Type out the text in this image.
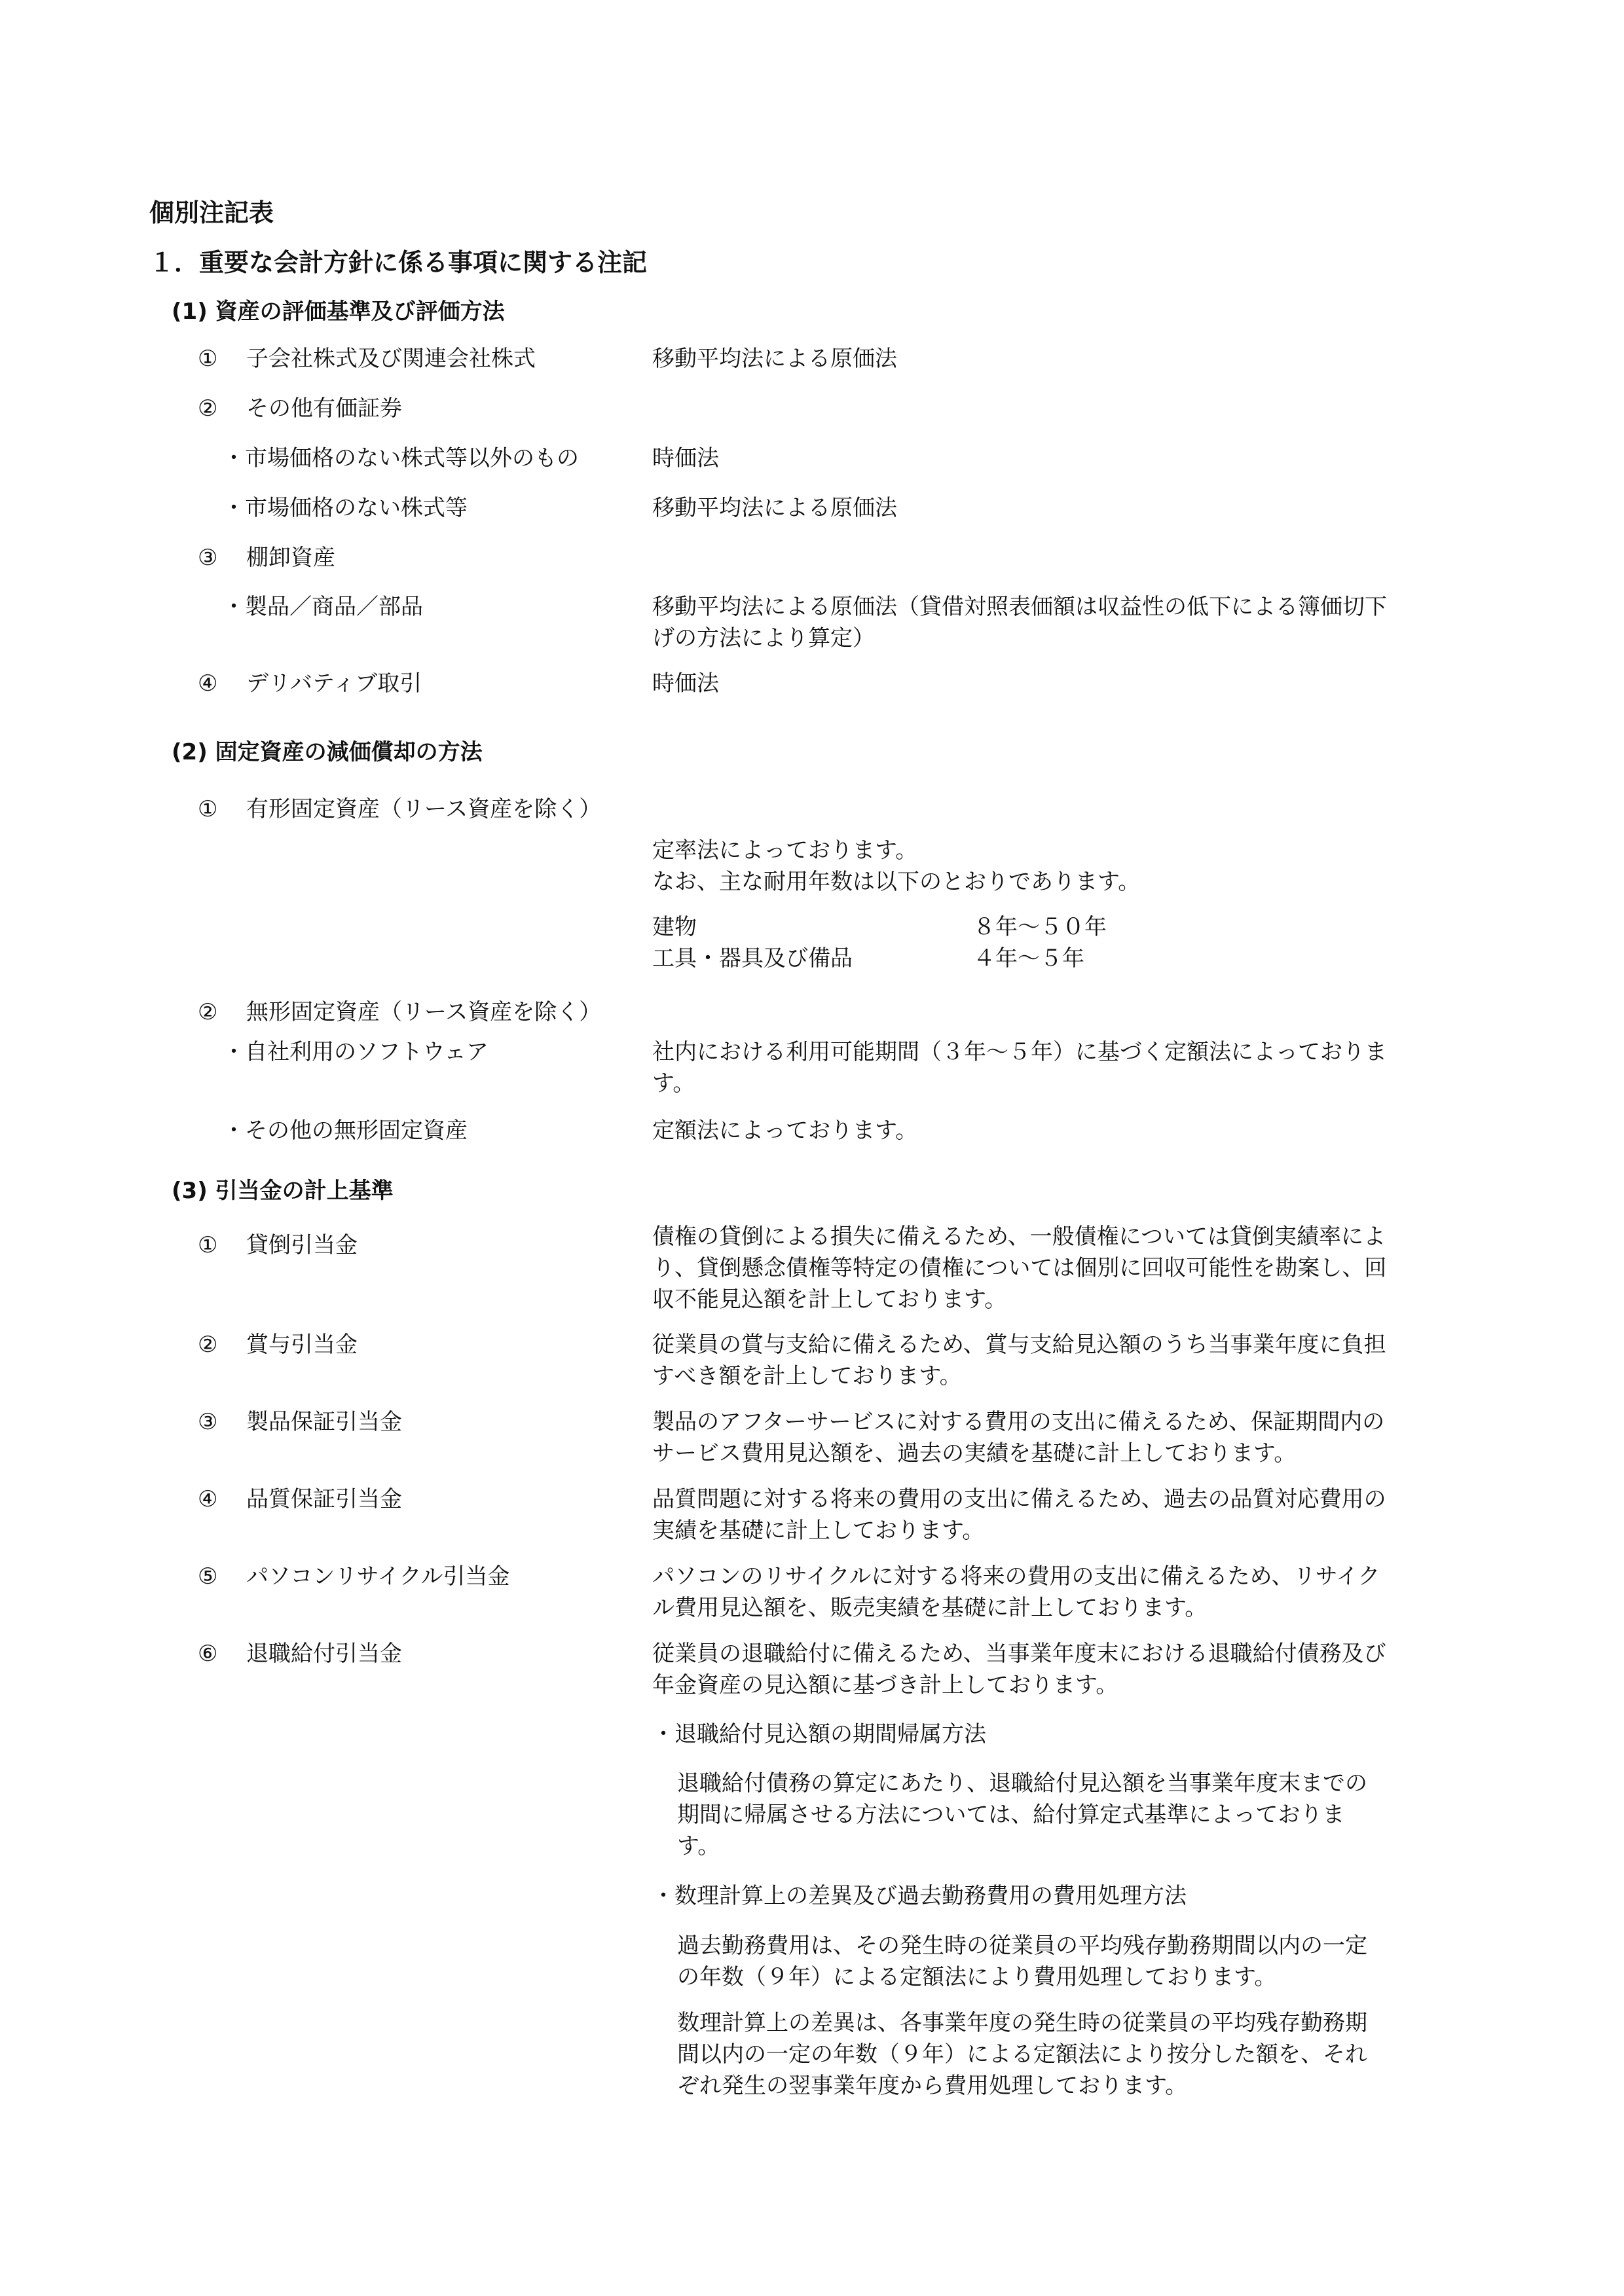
個別注記表
１．重要な会計方針に係る事項に関する注記
(1) 資産の評価基準及び評価方法
① 子会社株式及び関連会社株式	移動平均法による原価法
② その他有価証券
・市場価格のない株式等以外のもの	時価法
・市場価格のない株式等	移動平均法による原価法
③ 棚卸資産
・製品／商品／部品	移動平均法による原価法（貸借対照表価額は収益性の低下による簿価切下
げの方法により算定）
④ デリバティブ取引	時価法
(2) 固定資産の減価償却の方法
① 有形固定資産（リース資産を除く）
定率法によっております。
なお、主な耐用年数は以下のとおりであります。
建物	８年～５０年
工具・器具及び備品	４年～５年
② 無形固定資産（リース資産を除く）
・自社利用のソフトウェア	社内における利用可能期間（３年～５年）に基づく定額法によっておりま
す。
・その他の無形固定資産	定額法によっております。
(3) 引当金の計上基準
① 貸倒引当金	債権の貸倒による損失に備えるため、一般債権については貸倒実績率によ
り、貸倒懸念債権等特定の債権については個別に回収可能性を勘案し、回
収不能見込額を計上しております。
② 賞与引当金	従業員の賞与支給に備えるため、賞与支給見込額のうち当事業年度に負担
すべき額を計上しております。
③ 製品保証引当金	製品のアフターサービスに対する費用の支出に備えるため、保証期間内の
サービス費用見込額を、過去の実績を基礎に計上しております。
④ 品質保証引当金	品質問題に対する将来の費用の支出に備えるため、過去の品質対応費用の
実績を基礎に計上しております。
⑤ パソコンリサイクル引当金	パソコンのリサイクルに対する将来の費用の支出に備えるため、リサイク
ル費用見込額を、販売実績を基礎に計上しております。
⑥ 退職給付引当金	従業員の退職給付に備えるため、当事業年度末における退職給付債務及び
年金資産の見込額に基づき計上しております。
・退職給付見込額の期間帰属方法
退職給付債務の算定にあたり、退職給付見込額を当事業年度末までの
期間に帰属させる方法については、給付算定式基準によっておりま
す。
・数理計算上の差異及び過去勤務費用の費用処理方法
過去勤務費用は、その発生時の従業員の平均残存勤務期間以内の一定
の年数（９年）による定額法により費用処理しております。
数理計算上の差異は、各事業年度の発生時の従業員の平均残存勤務期
間以内の一定の年数（９年）による定額法により按分した額を、それ
ぞれ発生の翌事業年度から費用処理しております。
